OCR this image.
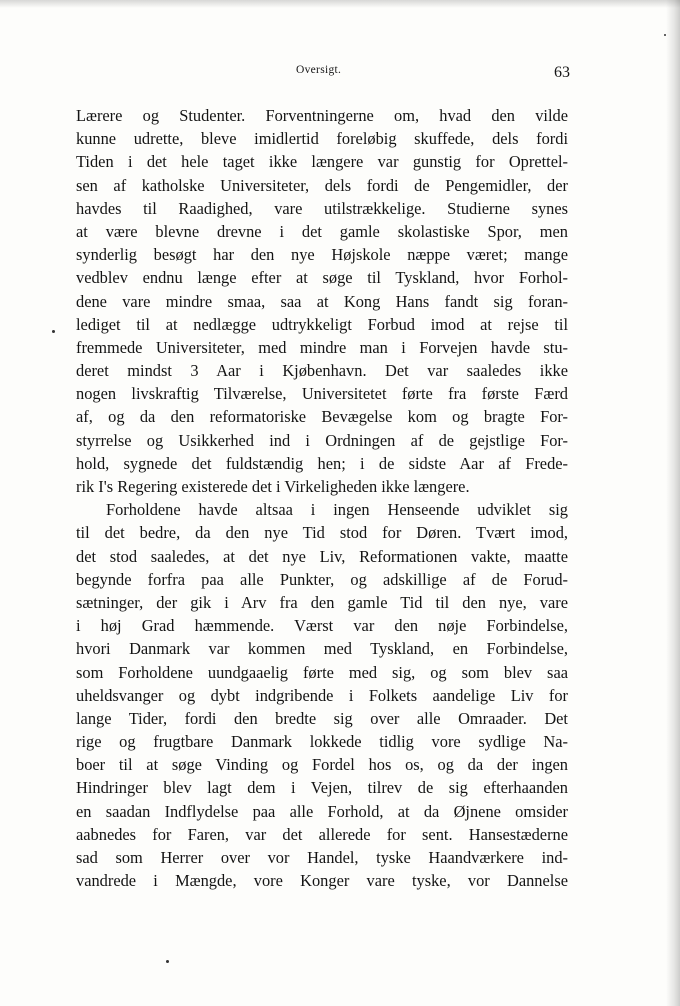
Oversigt.	63
Lærere og Studenter. Forventningerne om, hvad den vilde
kunne udrette, bleve imidlertid foreløbig skuffede, dels fordi
Tiden i det hele taget ikke længere var gunstig for Oprettel-
sen af katholske Universiteter, dels fordi de Pengemidler, der
havdes til Raadighed, vare utilstrækkelige. Studierne synes
at være blevne drevne i det gamle skolastiske Spor, men
synderlig besøgt har den nye Højskole næppe været; mange
vedblev endnu længe efter at søge til Tyskland, hvor Forhol-
dene vare mindre smaa, saa at Kong Hans fandt sig foran-
lediget til at nedlægge udtrykkeligt Forbud imod at rejse til
fremmede Universiteter, med mindre man i Forvejen havde stu-
deret mindst 3 Aar i Kjøbenhavn. Det var saaledes ikke
nogen livskraftig Tilværelse, Universitetet førte fra første Færd
af, og da den reformatoriske Bevægelse kom og bragte For-
styrrelse og Usikkerhed ind i Ordningen af de gejstlige For-
hold, sygnede det fuldstændig hen; i de sidste Aar af Frede-
rik I's Regering existerede det i Virkeligheden ikke længere.
Forholdene havde altsaa i ingen Henseende udviklet sig
til det bedre, da den nye Tid stod for Døren. Tvært imod,
det stod saaledes, at det nye Liv, Reformationen vakte, maatte
begynde forfra paa alle Punkter, og adskillige af de Forud-
sætninger, der gik i Arv fra den gamle Tid til den nye, vare
i høj Grad hæmmende. Værst var den nøje Forbindelse,
hvori Danmark var kommen med Tyskland, en Forbindelse,
som Forholdene uundgaaelig førte med sig, og som blev saa
uheldsvanger og dybt indgribende i Folkets aandelige Liv for
lange Tider, fordi den bredte sig over alle Omraader. Det
rige og frugtbare Danmark lokkede tidlig vore sydlige Na-
boer til at søge Vinding og Fordel hos os, og da der ingen
Hindringer blev lagt dem i Vejen, tilrev de sig efterhaanden
en saadan Indflydelse paa alle Forhold, at da Øjnene omsider
aabnedes for Faren, var det allerede for sent. Hansestæderne
sad som Herrer over vor Handel, tyske Haandværkere ind-
vandrede i Mængde, vore Konger vare tyske, vor Dannelse
